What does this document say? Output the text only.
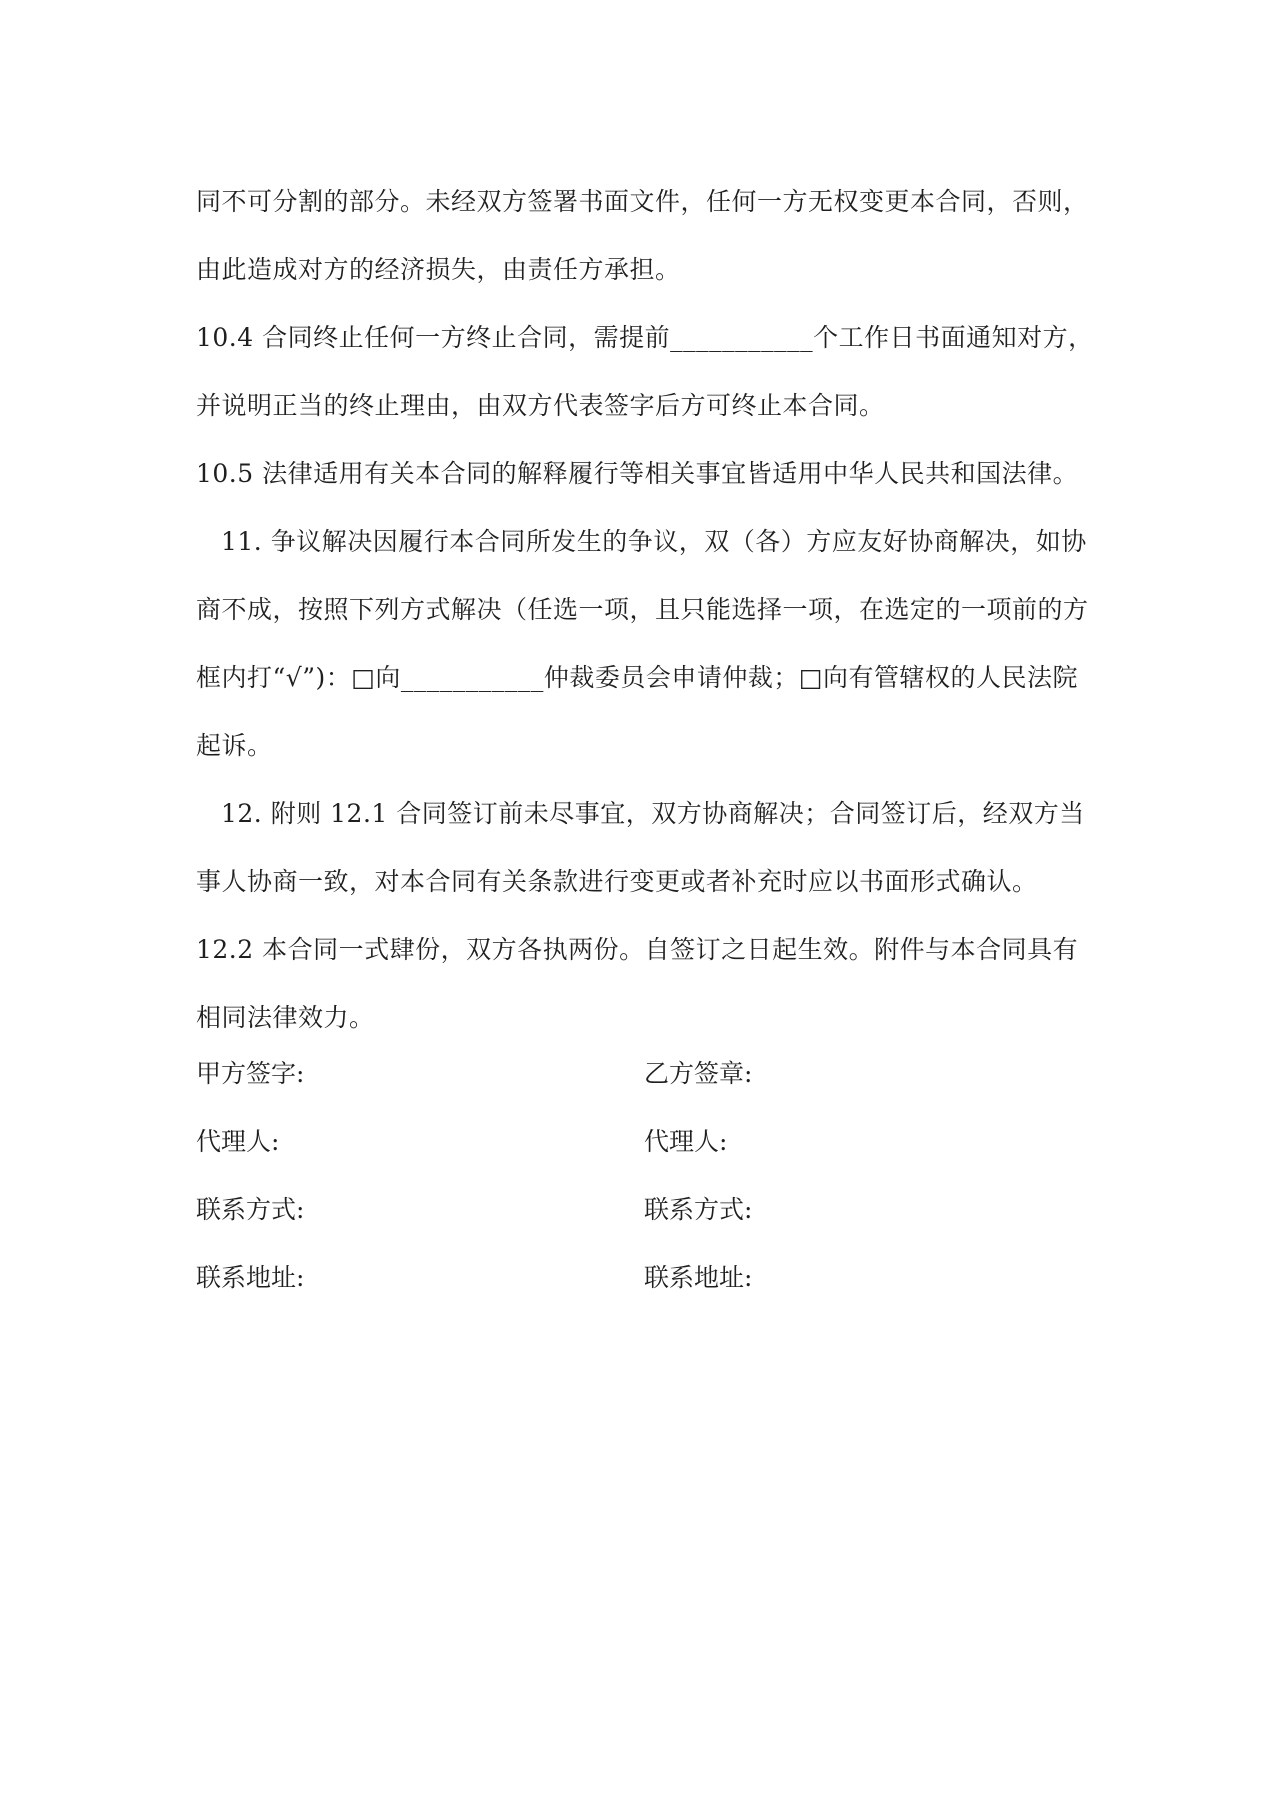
同不可分割的部分。未经双方签署书面文件，任何一方无权变更本合同，否则，由此造成对方的经济损失，由责任方承担。

10.4 合同终止任何一方终止合同，需提前___________个工作日书面通知对方，并说明正当的终止理由，由双方代表签字后方可终止本合同。

10.5 法律适用有关本合同的解释履行等相关事宜皆适用中华人民共和国法律。

11. 争议解决因履行本合同所发生的争议，双（各）方应友好协商解决，如协商不成，按照下列方式解决（任选一项，且只能选择一项，在选定的一项前的方框内打“√”)：□向___________仲裁委员会申请仲裁；□向有管辖权的人民法院起诉。

12. 附则 12.1 合同签订前未尽事宜，双方协商解决；合同签订后，经双方当事人协商一致，对本合同有关条款进行变更或者补充时应以书面形式确认。

12.2 本合同一式肆份，双方各执两份。自签订之日起生效。附件与本合同具有相同法律效力。

甲方签字:	乙方签章:
代理人:	代理人:
联系方式:	联系方式:
联系地址:	联系地址:
